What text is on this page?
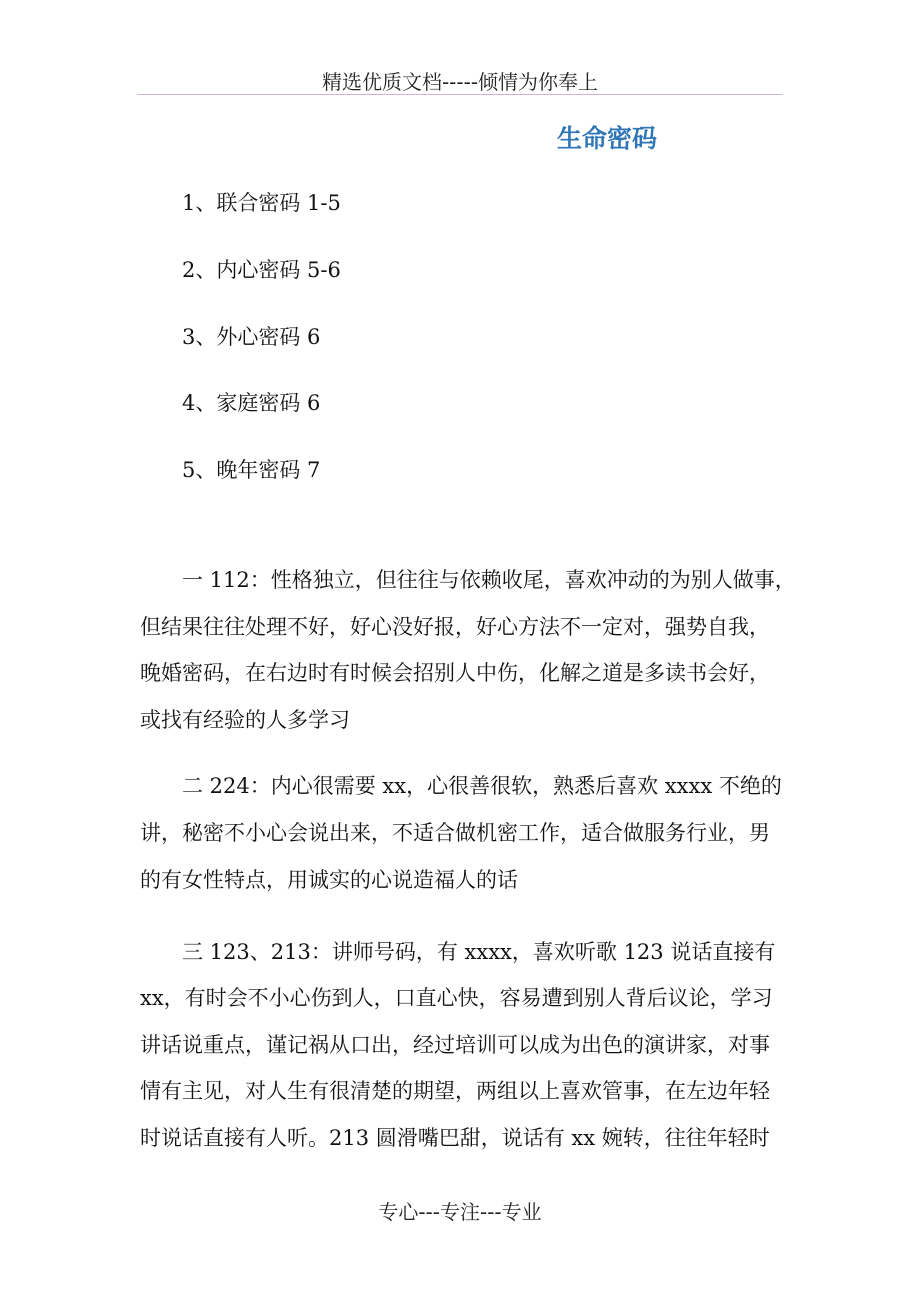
精选优质文档-----倾情为你奉上
生命密码
1、联合密码 1-5
2、内心密码 5-6
3、外心密码 6
4、家庭密码 6
5、晚年密码 7
一 112：性格独立，但往往与依赖收尾，喜欢冲动的为别人做事，
但结果往往处理不好，好心没好报，好心方法不一定对，强势自我，
晚婚密码，在右边时有时候会招别人中伤，化解之道是多读书会好，
或找有经验的人多学习
二 224：内心很需要 xx，心很善很软，熟悉后喜欢 xxxx 不绝的
讲，秘密不小心会说出来，不适合做机密工作，适合做服务行业，男
的有女性特点，用诚实的心说造福人的话
三 123、213：讲师号码，有 xxxx，喜欢听歌 123 说话直接有
xx，有时会不小心伤到人，口直心快，容易遭到别人背后议论，学习
讲话说重点，谨记祸从口出，经过培训可以成为出色的演讲家，对事
情有主见，对人生有很清楚的期望，两组以上喜欢管事，在左边年轻
时说话直接有人听。213 圆滑嘴巴甜，说话有 xx 婉转，往往年轻时
专心---专注---专业
